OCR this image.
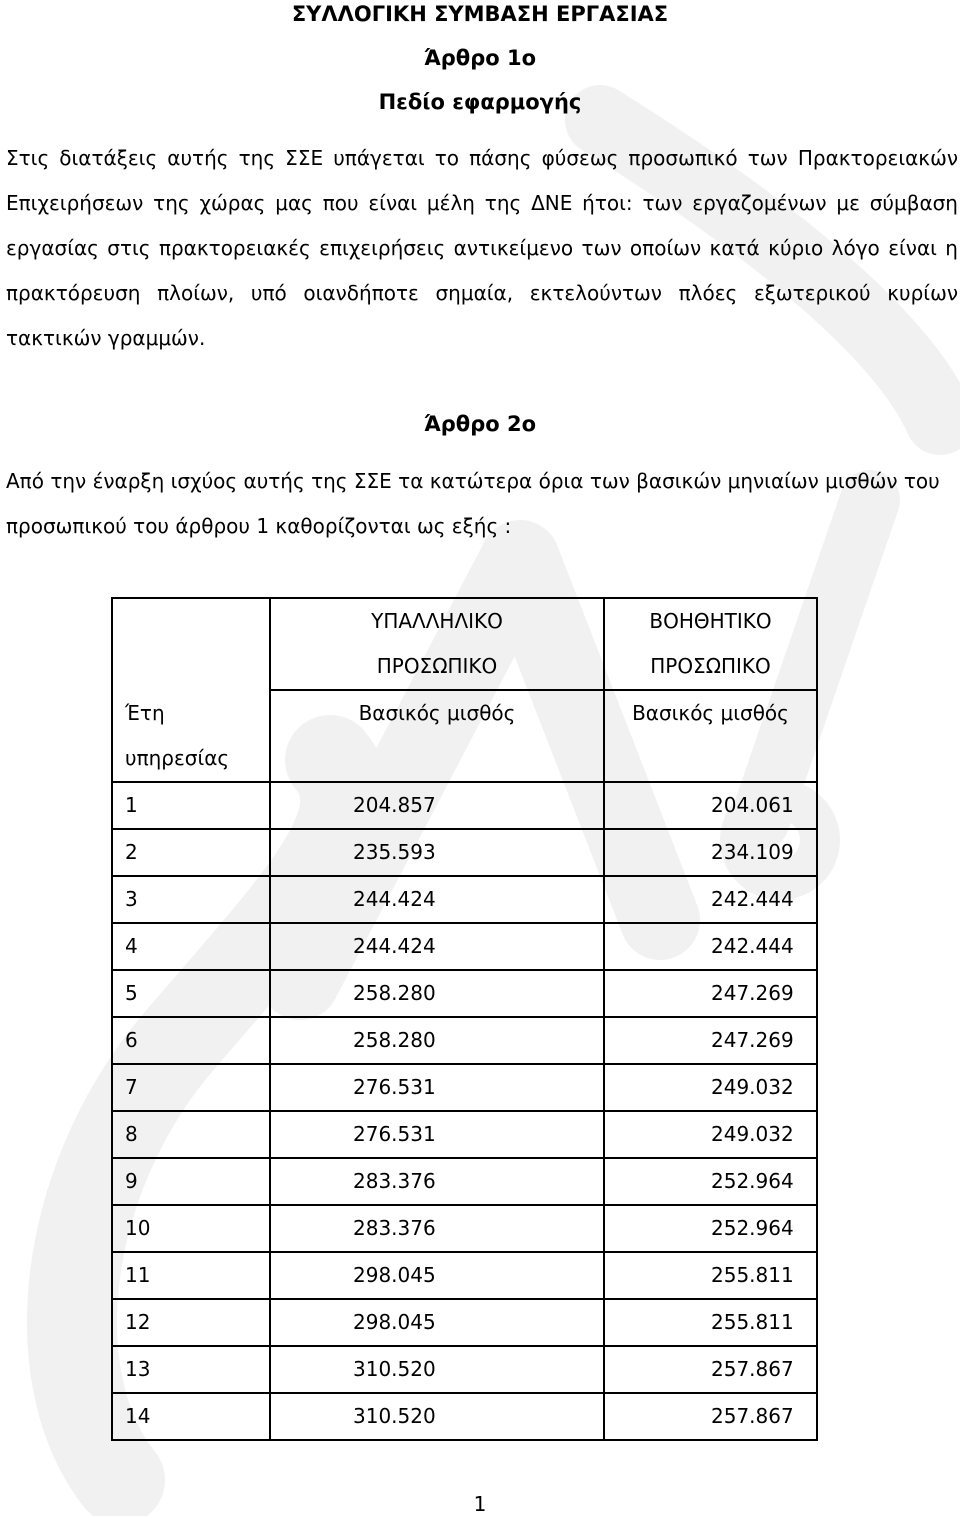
ΣΥΛΛΟΓΙΚΗ ΣΥΜΒΑΣΗ ΕΡΓΑΣΙΑΣ
Άρθρο 1ο
Πεδίο εφαρμογής

Στις διατάξεις αυτής της ΣΣΕ υπάγεται το πάσης φύσεως προσωπικό των Πρακτορειακών Επιχειρήσεων της χώρας μας που είναι μέλη της ΔΝΕ ήτοι: των εργαζομένων με σύμβαση εργασίας στις πρακτορειακές επιχειρήσεις αντικείμενο των οποίων κατά κύριο λόγο είναι η πρακτόρευση πλοίων, υπό οιανδήποτε σημαία, εκτελούντων πλόες εξωτερικού κυρίων τακτικών γραμμών.

Άρθρο 2ο

Από την έναρξη ισχύος αυτής της ΣΣΕ τα κατώτερα όρια των βασικών μηνιαίων μισθών του προσωπικού του άρθρου 1 καθορίζονται ως εξής :

Έτη
υπηρεσίας	ΥΠΑΛΛΗΛΙΚΟ ΠΡΟΣΩΠΙΚΟ	ΒΟΗΘΗΤΙΚΟ ΠΡΟΣΩΠΙΚΟ

	Βασικός μισθός	Βασικός μισθός
1	204.857	204.061
2	235.593	234.109
3	244.424	242.444
4	244.424	242.444
5	258.280	247.269
6	258.280	247.269
7	276.531	249.032
8	276.531	249.032
9	283.376	252.964
10	283.376	252.964
11	298.045	255.811
12	298.045	255.811
13	310.520	257.867
14	310.520	257.867
1
